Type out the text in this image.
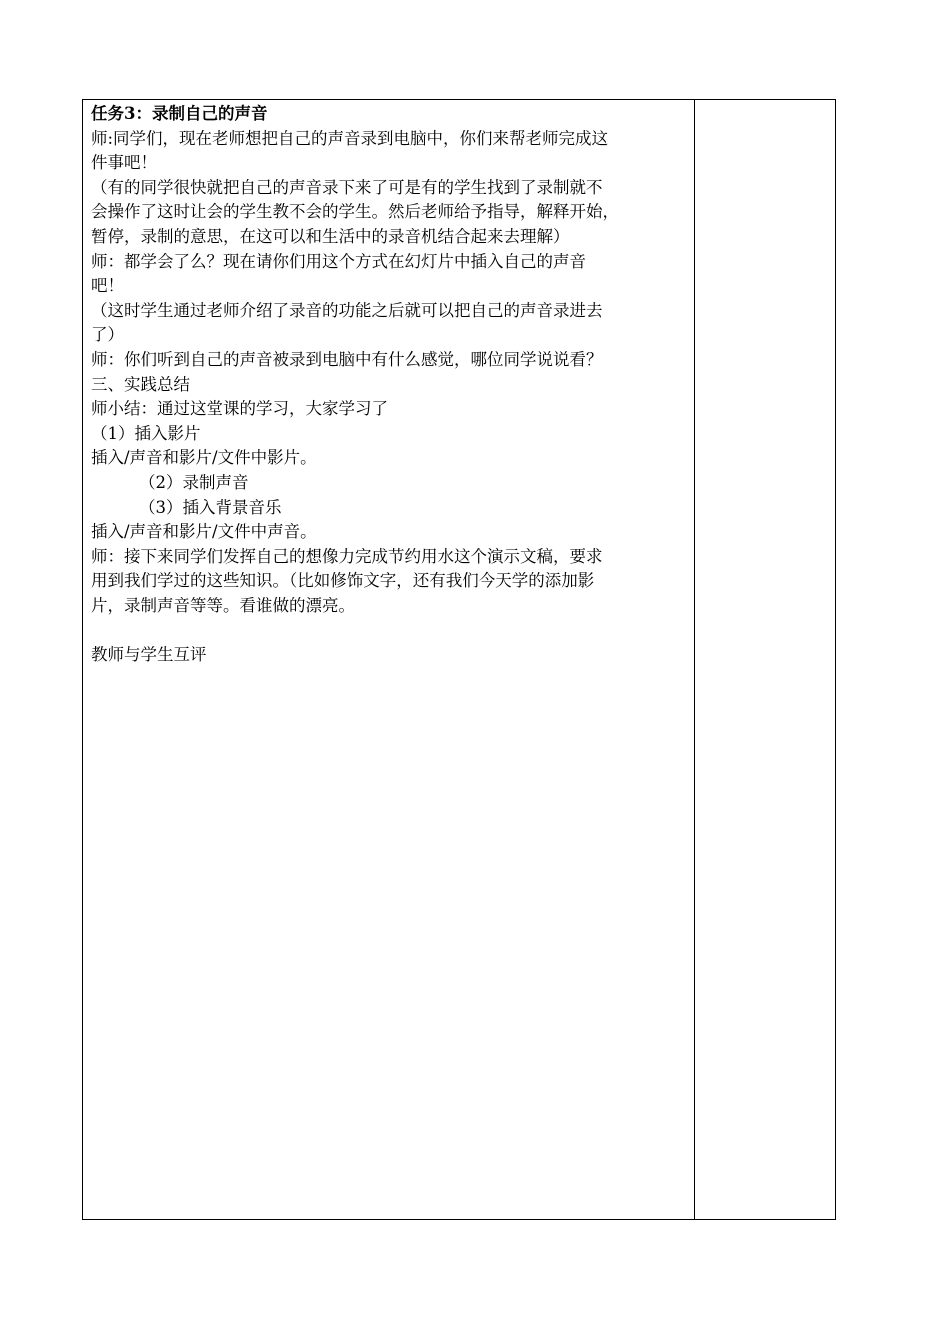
任务3：录制自己的声音
师:同学们，现在老师想把自己的声音录到电脑中，你们来帮老师完成这
件事吧！
（有的同学很快就把自己的声音录下来了可是有的学生找到了录制就不
会操作了这时让会的学生教不会的学生。然后老师给予指导，解释开始，
暂停，录制的意思，在这可以和生活中的录音机结合起来去理解）
师：都学会了么？现在请你们用这个方式在幻灯片中插入自己的声音
吧！
（这时学生通过老师介绍了录音的功能之后就可以把自己的声音录进去
了）
师：你们听到自己的声音被录到电脑中有什么感觉，哪位同学说说看？
三、实践总结
师小结：通过这堂课的学习，大家学习了
（1）插入影片
插入/声音和影片/文件中影片。
（2）录制声音
（3）插入背景音乐
插入/声音和影片/文件中声音。
师：接下来同学们发挥自己的想像力完成节约用水这个演示文稿，要求
用到我们学过的这些知识。（比如修饰文字，还有我们今天学的添加影
片，录制声音等等。看谁做的漂亮。
教师与学生互评
